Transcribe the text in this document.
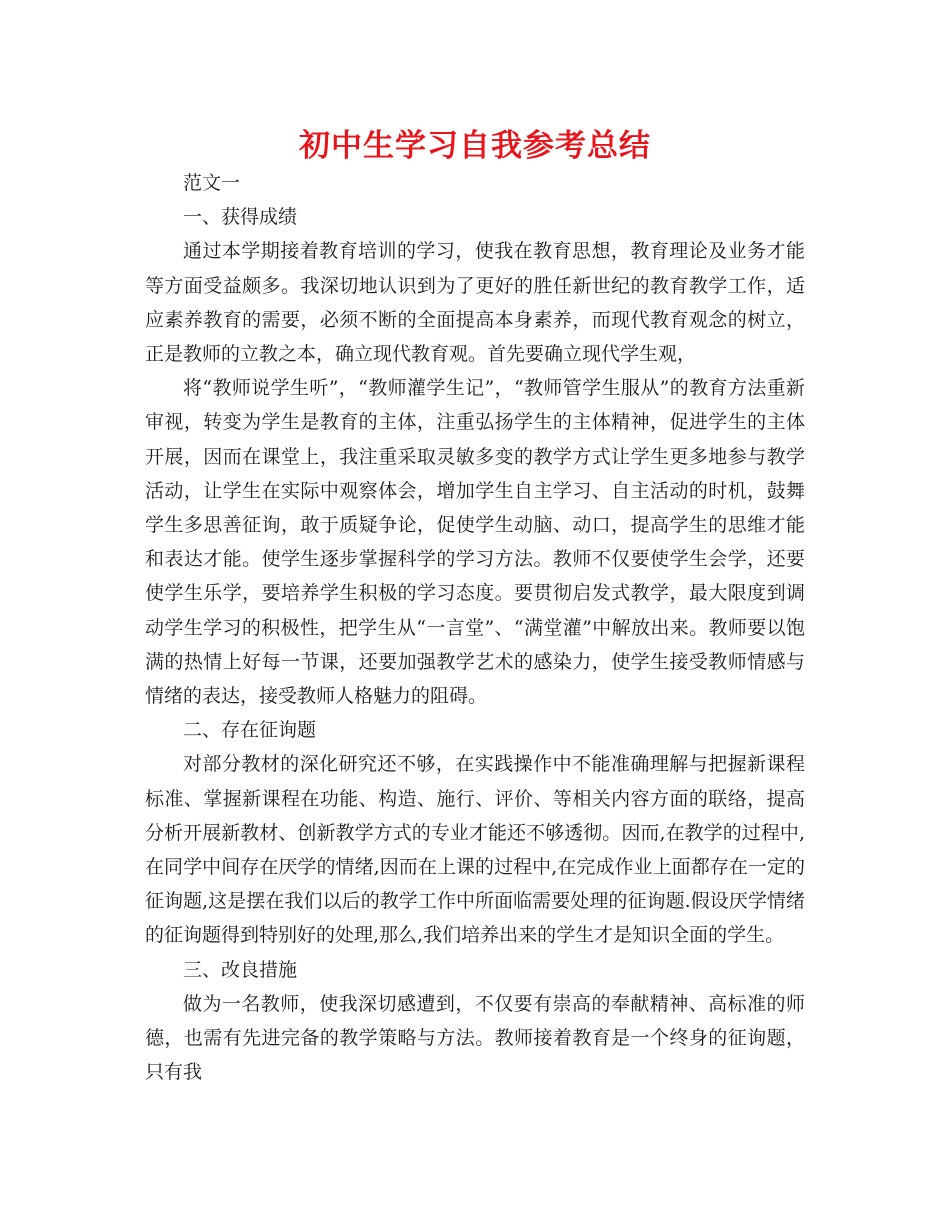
初中生学习自我参考总结

范文一

一、获得成绩

通过本学期接着教育培训的学习，使我在教育思想，教育理论及业务才能等方面受益颇多。我深切地认识到为了更好的胜任新世纪的教育教学工作，适应素养教育的需要，必须不断的全面提高本身素养，而现代教育观念的树立，正是教师的立教之本，确立现代教育观。首先要确立现代学生观，

将“教师说学生听”，“教师灌学生记”，“教师管学生服从”的教育方法重新审视，转变为学生是教育的主体，注重弘扬学生的主体精神，促进学生的主体开展，因而在课堂上，我注重采取灵敏多变的教学方式让学生更多地参与教学活动，让学生在实际中观察体会，增加学生自主学习、自主活动的时机，鼓舞学生多思善征询，敢于质疑争论，促使学生动脑、动口，提高学生的思维才能和表达才能。使学生逐步掌握科学的学习方法。教师不仅要使学生会学，还要使学生乐学，要培养学生积极的学习态度。要贯彻启发式教学，最大限度到调动学生学习的积极性，把学生从“一言堂”、“满堂灌”中解放出来。教师要以饱满的热情上好每一节课，还要加强教学艺术的感染力，使学生接受教师情感与情绪的表达，接受教师人格魅力的阻碍。

二、存在征询题

对部分教材的深化研究还不够，在实践操作中不能准确理解与把握新课程标准、掌握新课程在功能、构造、施行、评价、等相关内容方面的联络，提高分析开展新教材、创新教学方式的专业才能还不够透彻。因而,在教学的过程中,在同学中间存在厌学的情绪,因而在上课的过程中,在完成作业上面都存在一定的征询题,这是摆在我们以后的教学工作中所面临需要处理的征询题.假设厌学情绪的征询题得到特别好的处理,那么,我们培养出来的学生才是知识全面的学生。

三、改良措施

做为一名教师，使我深切感遭到，不仅要有崇高的奉献精神、高标准的师德，也需有先进完备的教学策略与方法。教师接着教育是一个终身的征询题，只有我
